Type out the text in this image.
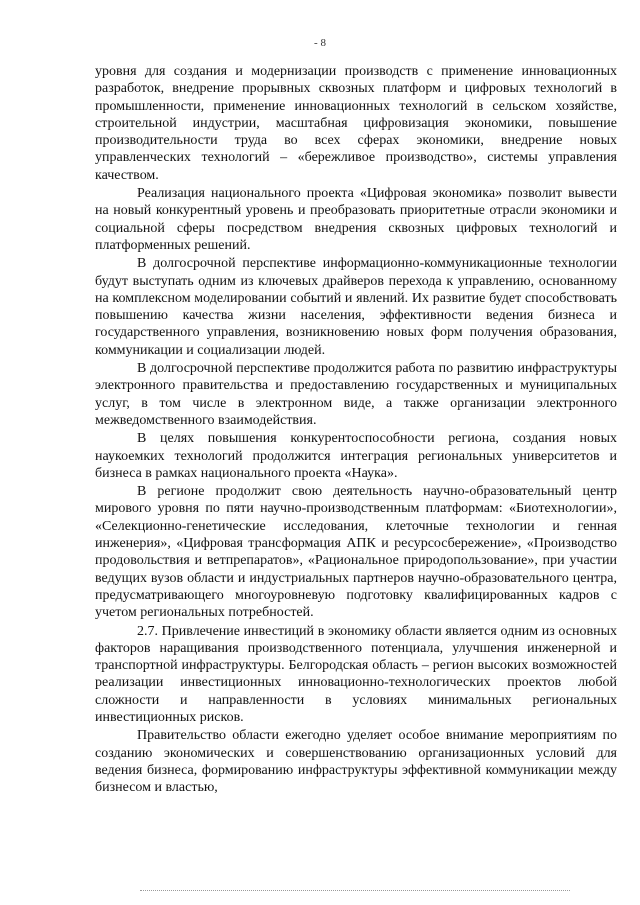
- 8

уровня для создания и модернизации производств с применение инновационных разработок, внедрение прорывных сквозных платформ и цифровых технологий в промышленности, применение инновационных технологий в сельском хозяйстве, строительной индустрии, масштабная цифровизация экономики, повышение производительности труда во всех сферах экономики, внедрение новых управленческих технологий – «бережливое производство», системы управления качеством.

Реализация национального проекта «Цифровая экономика» позволит вывести на новый конкурентный уровень и преобразовать приоритетные отрасли экономики и социальной сферы посредством внедрения сквозных цифровых технологий и платформенных решений.

В долгосрочной перспективе информационно-коммуникационные технологии будут выступать одним из ключевых драйверов перехода к управлению, основанному на комплексном моделировании событий и явлений. Их развитие будет способствовать повышению качества жизни населения, эффективности ведения бизнеса и государственного управления, возникновению новых форм получения образования, коммуникации и социализации людей.

В долгосрочной перспективе продолжится работа по развитию инфраструктуры электронного правительства и предоставлению государственных и муниципальных услуг, в том числе в электронном виде, а также организации электронного межведомственного взаимодействия.

В целях повышения конкурентоспособности региона, создания новых наукоемких технологий продолжится интеграция региональных университетов и бизнеса в рамках национального проекта «Наука».

В регионе продолжит свою деятельность научно-образовательный центр мирового уровня по пяти научно-производственным платформам: «Биотехнологии», «Селекционно-генетические исследования, клеточные технологии и генная инженерия», «Цифровая трансформация АПК и ресурсосбережение», «Производство продовольствия и ветпрепаратов», «Рациональное природопользование», при участии ведущих вузов области и индустриальных партнеров научно-образовательного центра, предусматривающего многоуровневую подготовку квалифицированных кадров с учетом региональных потребностей.

2.7. Привлечение инвестиций в экономику области является одним из основных факторов наращивания производственного потенциала, улучшения инженерной и транспортной инфраструктуры. Белгородская область – регион высоких возможностей реализации инвестиционных инновационно-технологических проектов любой сложности и направленности в условиях минимальных региональных инвестиционных рисков.

Правительство области ежегодно уделяет особое внимание мероприятиям по созданию экономических и совершенствованию организационных условий для ведения бизнеса, формированию инфраструктуры эффективной коммуникации между бизнесом и властью,
